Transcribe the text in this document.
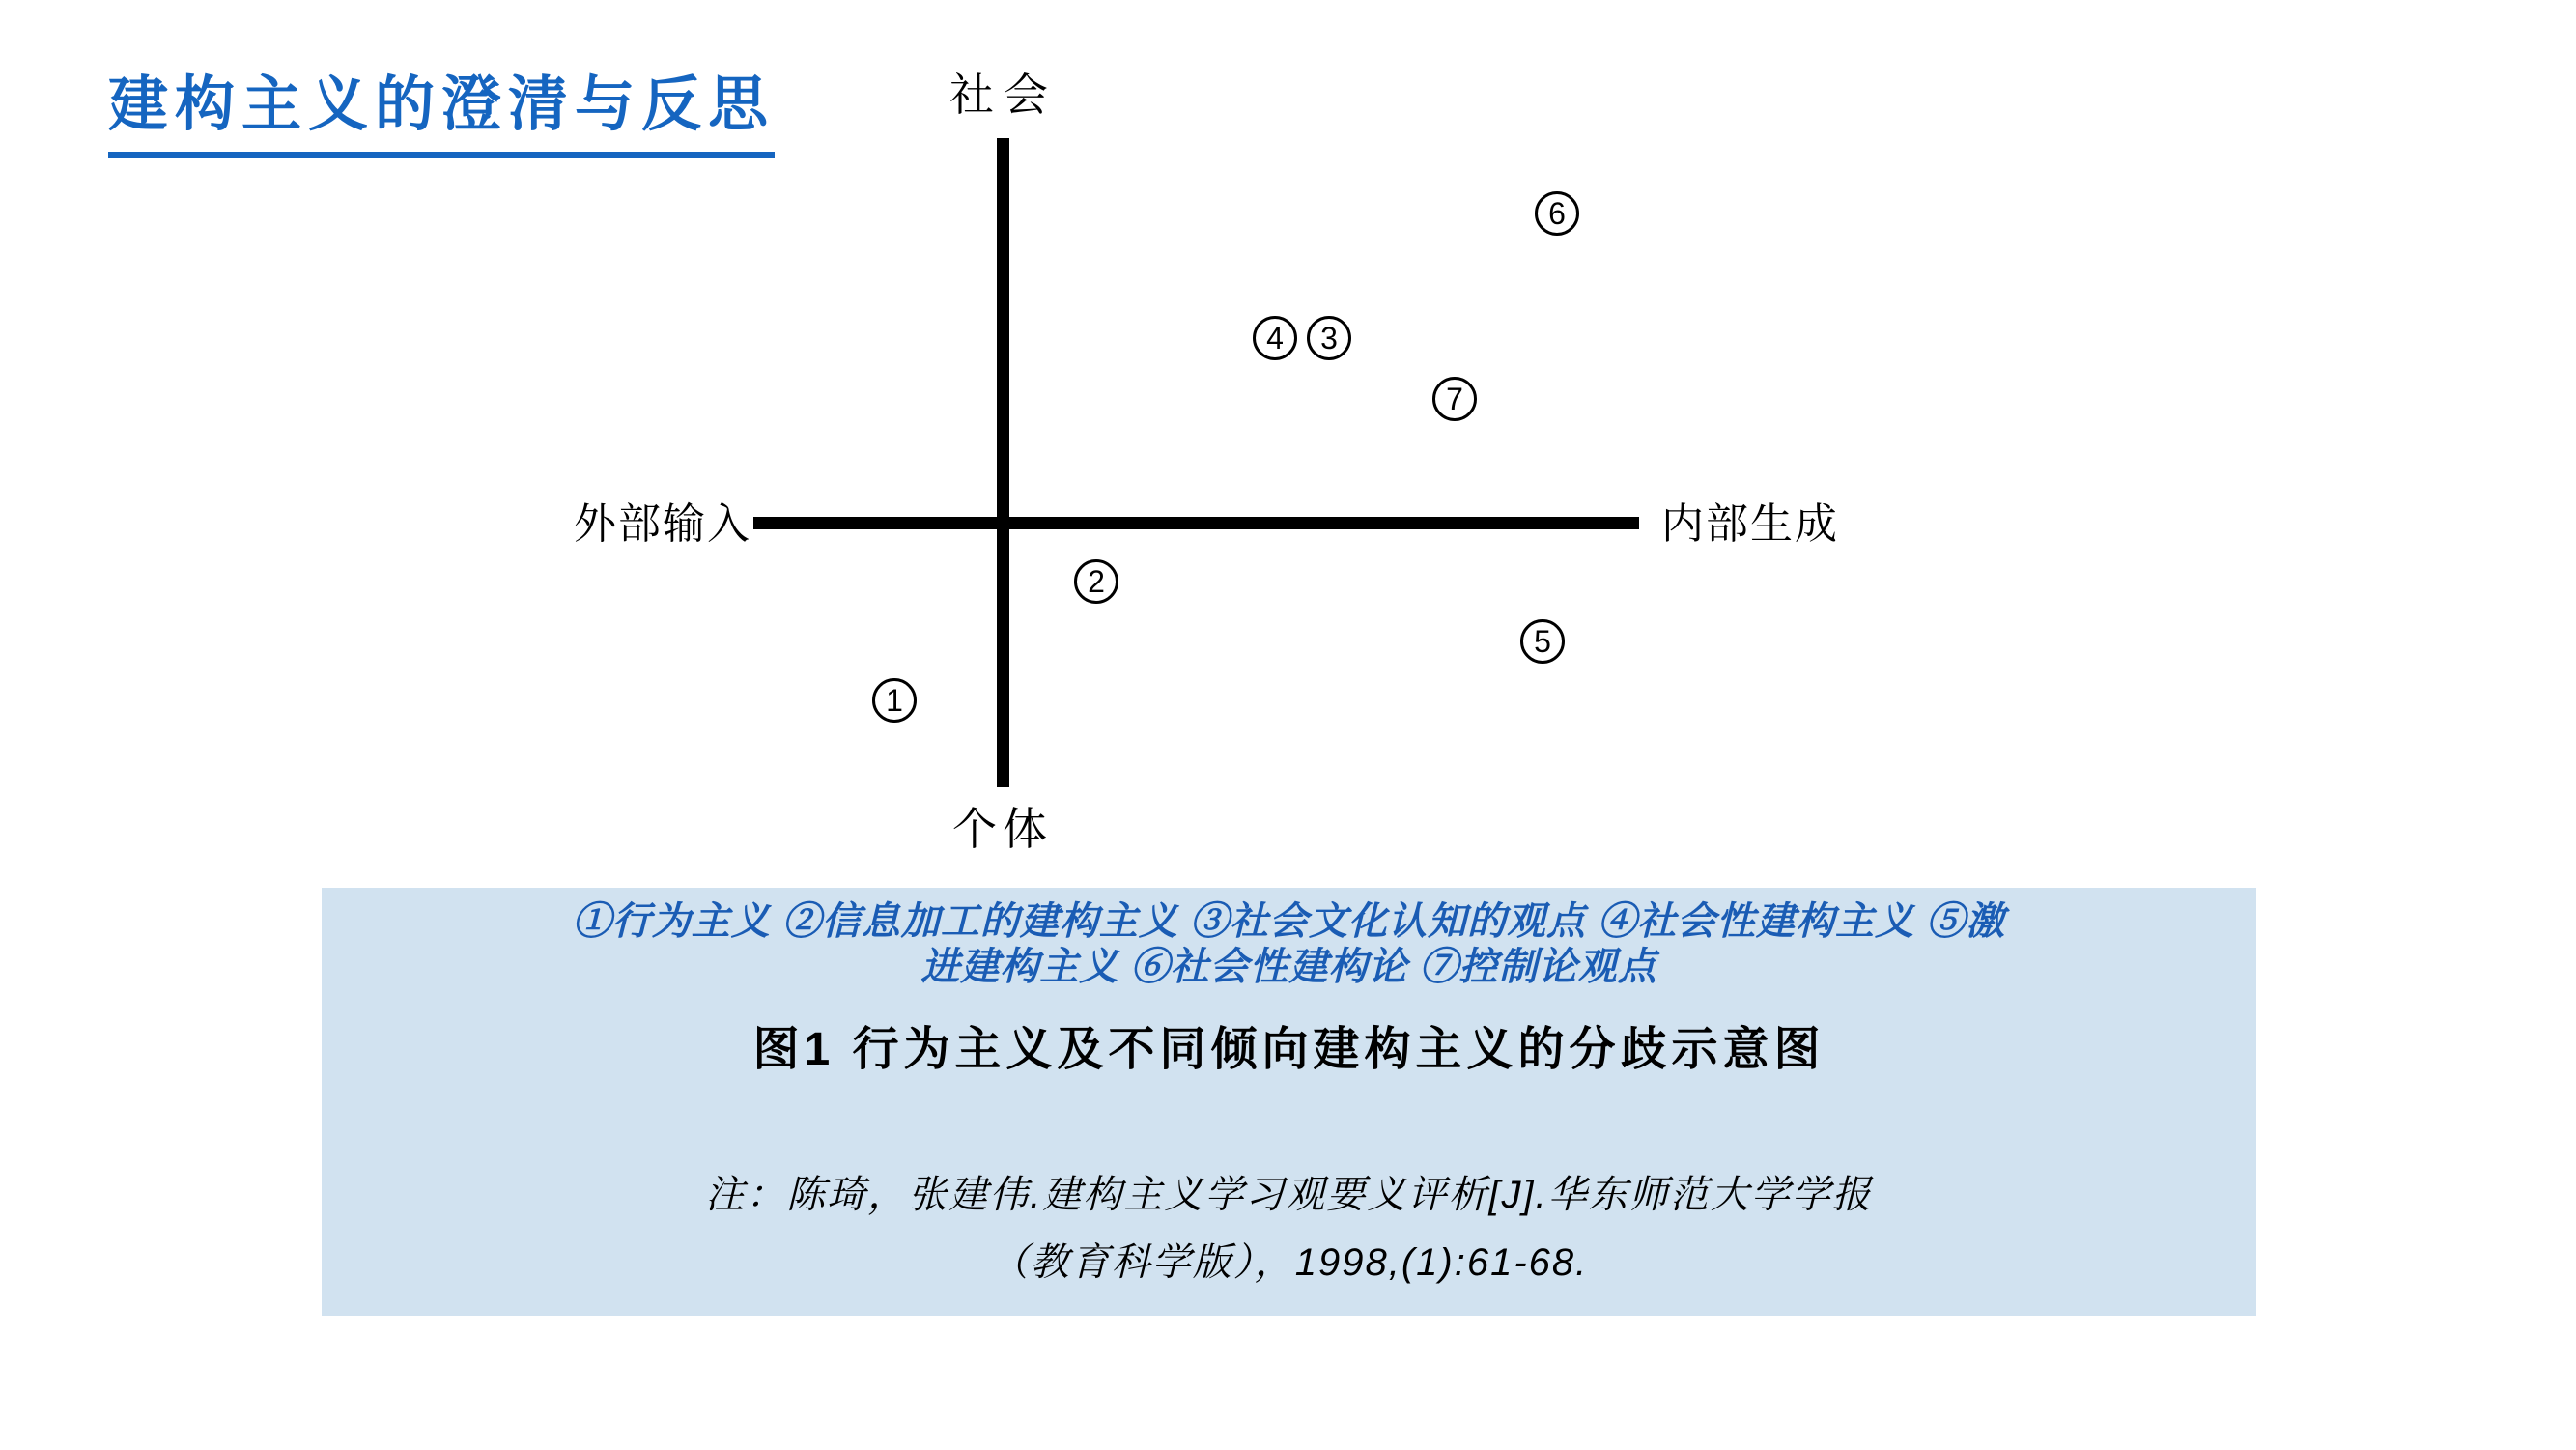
建构主义的澄清与反思	社会
个体
外部输入	内部生成
1
2
3
4
5
6
7

①行为主义 ②信息加工的建构主义 ③社会文化认知的观点 ④社会性建构主义 ⑤激
进建构主义 ⑥社会性建构论 ⑦控制论观点

图1 行为主义及不同倾向建构主义的分歧示意图

注：陈琦，张建伟.建构主义学习观要义评析[J].华东师范大学学报

（教育科学版），1998,(1):61-68.
